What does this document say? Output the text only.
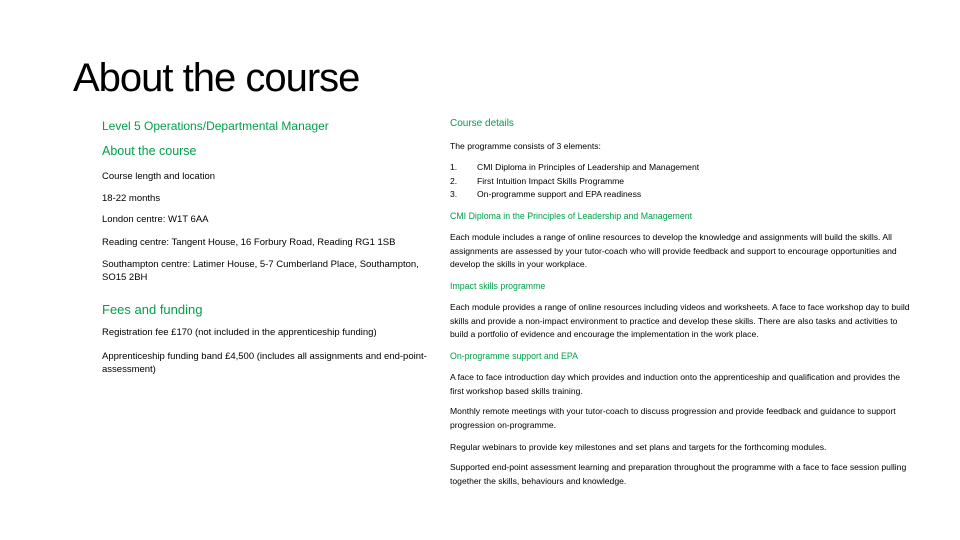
About the course
Level 5 Operations/Departmental Manager
About the course
Course length and location
18-22 months
London centre: W1T 6AA
Reading centre: Tangent House, 16 Forbury Road, Reading RG1 1SB
Southampton centre: Latimer House, 5-7 Cumberland Place, Southampton, SO15 2BH
Fees and funding
Registration fee £170 (not included in the apprenticeship funding)
Apprenticeship funding band £4,500 (includes all assignments and end-point-assessment)
Course details
The programme consists of 3 elements:
1.	CMI Diploma in Principles of Leadership and Management
2.	First Intuition Impact Skills Programme
3.	On-programme support and EPA readiness
CMI Diploma in the Principles of Leadership and Management
Each module includes a range of online resources to develop the knowledge and assignments will build the skills. All assignments are assessed by your tutor-coach who will provide feedback and support to encourage opportunities and develop the skills in your workplace.
Impact skills programme
Each module provides a range of online resources including videos and worksheets. A face to face workshop day to build skills and provide a non-impact environment to practice and develop these skills. There are also tasks and activities to build a portfolio of evidence and encourage the implementation in the work place.
On-programme support and EPA
A face to face introduction day which provides and induction onto the apprenticeship and qualification and provides the first workshop based skills training.
Monthly remote meetings with your tutor-coach to discuss progression and provide feedback and guidance to support progression on-programme.
Regular webinars to provide key milestones and set plans and targets for the forthcoming modules.
Supported end-point assessment learning and preparation throughout the programme with a face to face session pulling together the skills, behaviours and knowledge.
